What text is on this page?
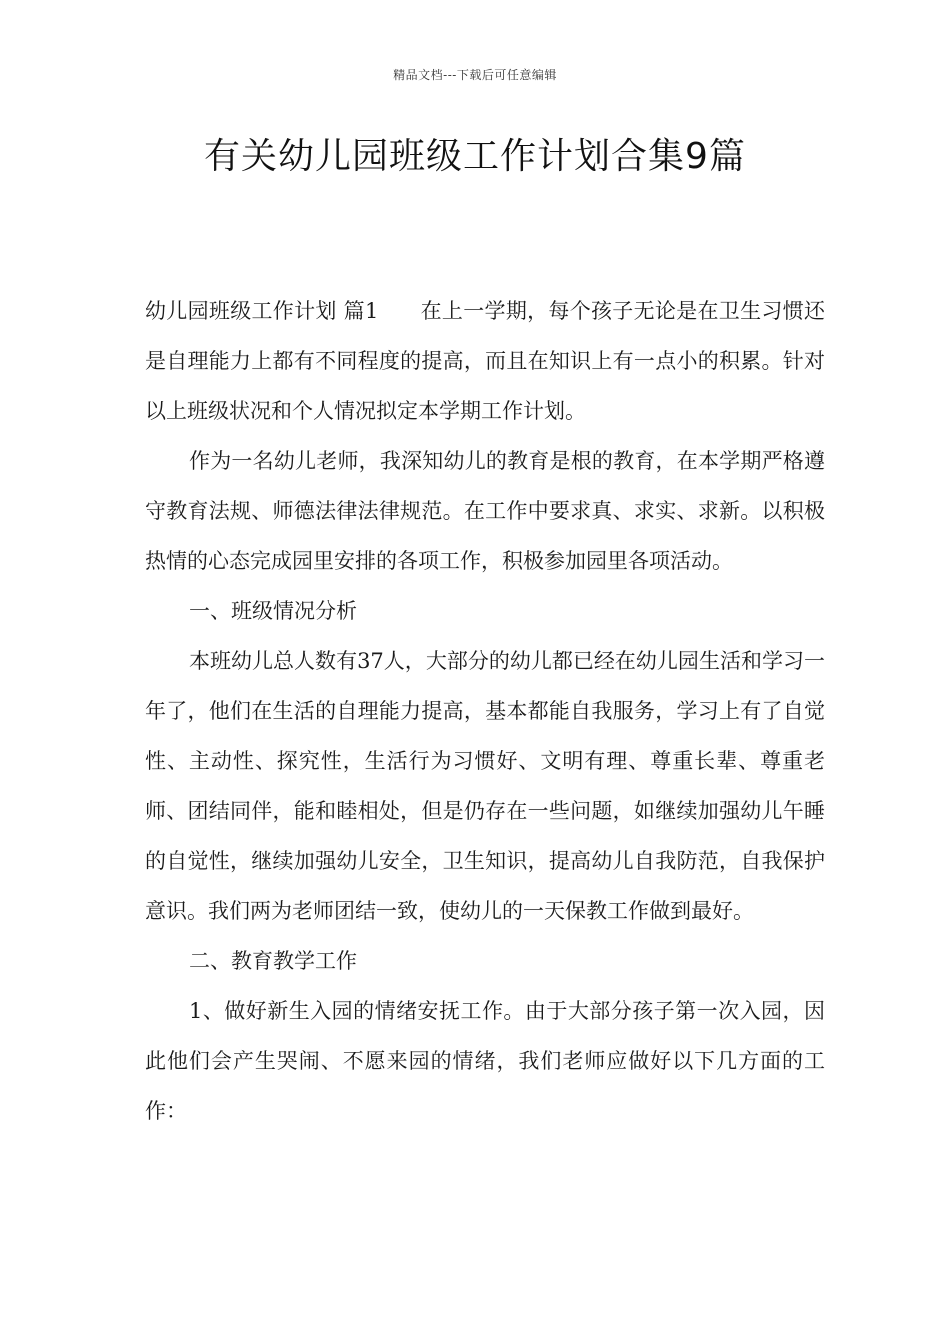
精品文档---下载后可任意编辑
有关幼儿园班级工作计划合集9篇

幼儿园班级工作计划 篇1 在上一学期，每个孩子无论是在卫生习惯还是自理能力上都有不同程度的提高，而且在知识上有一点小的积累。针对以上班级状况和个人情况拟定本学期工作计划。

作为一名幼儿老师，我深知幼儿的教育是根的教育，在本学期严格遵守教育法规、师德法律法律规范。在工作中要求真、求实、求新。以积极热情的心态完成园里安排的各项工作，积极参加园里各项活动。

一、班级情况分析

本班幼儿总人数有37人，大部分的幼儿都已经在幼儿园生活和学习一年了，他们在生活的自理能力提高，基本都能自我服务，学习上有了自觉性、主动性、探究性，生活行为习惯好、文明有理、尊重长辈、尊重老师、团结同伴，能和睦相处，但是仍存在一些问题，如继续加强幼儿午睡的自觉性，继续加强幼儿安全，卫生知识，提高幼儿自我防范，自我保护意识。我们两为老师团结一致，使幼儿的一天保教工作做到最好。

二、教育教学工作

1、做好新生入园的情绪安抚工作。由于大部分孩子第一次入园，因此他们会产生哭闹、不愿来园的情绪，我们老师应做好以下几方面的工作：
